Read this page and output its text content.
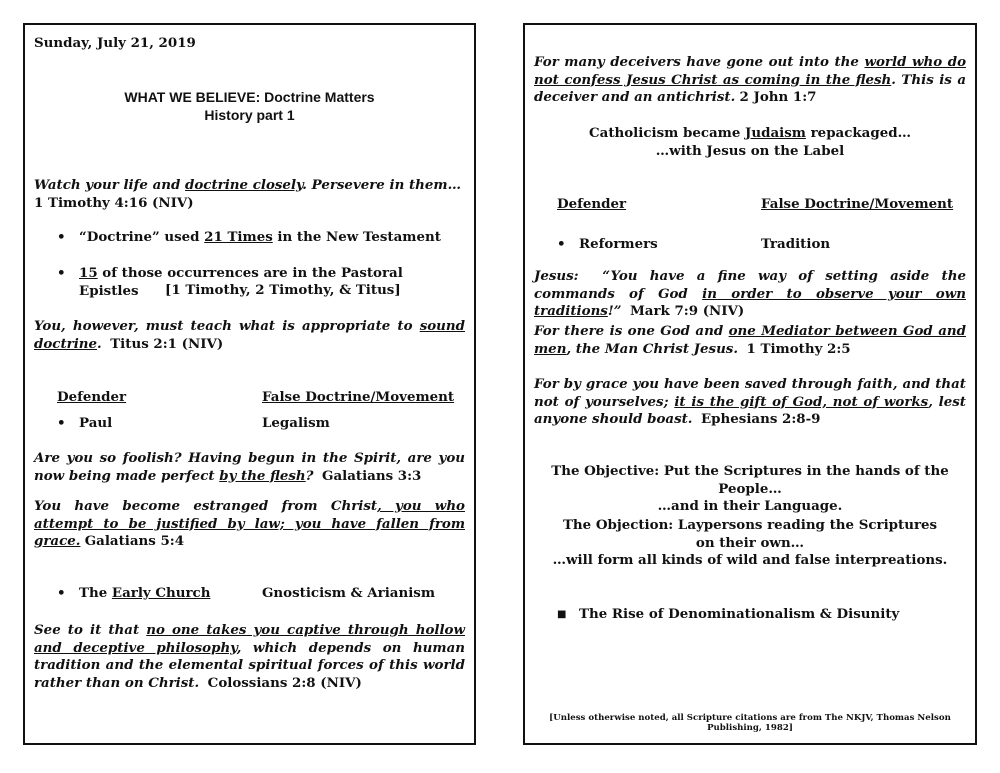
Sunday, July 21, 2019

WHAT WE BELIEVE: Doctrine Matters
History part 1

Watch your life and doctrine closely. Persevere in them…
1 Timothy 4:16 (NIV)

• “Doctrine” used 21 Times in the New Testament

• 15 of those occurrences are in the Pastoral Epistles	[1 Timothy, 2 Timothy, & Titus]

You, however, must teach what is appropriate to sound doctrine. Titus 2:1 (NIV)

Defender	False Doctrine/Movement
• Paul	Legalism

Are you so foolish? Having begun in the Spirit, are you now being made perfect by the flesh? Galatians 3:3

You have become estranged from Christ, you who attempt to be justified by law; you have fallen from grace. Galatians 5:4

• The Early Church	Gnosticism & Arianism

See to it that no one takes you captive through hollow and deceptive philosophy, which depends on human tradition and the elemental spiritual forces of this world rather than on Christ. Colossians 2:8 (NIV)

For many deceivers have gone out into the world who do not confess Jesus Christ as coming in the flesh. This is a deceiver and an antichrist. 2 John 1:7

Catholicism became Judaism repackaged…
…with Jesus on the Label
Defender	False Doctrine/Movement
• Reformers	Tradition

Jesus: “You have a fine way of setting aside the commands of God in order to observe your own traditions!” Mark 7:9 (NIV)

For there is one God and one Mediator between God and men, the Man Christ Jesus. 1 Timothy 2:5

For by grace you have been saved through faith, and that not of yourselves; it is the gift of God, not of works, lest anyone should boast. Ephesians 2:8-9

The Objective: Put the Scriptures in the hands of the People…
…and in their Language.
The Objection: Laypersons reading the Scriptures
on their own…
…will form all kinds of wild and false interpreations.
■ The Rise of Denominationalism & Disunity
[Unless otherwise noted, all Scripture citations are from The NKJV, Thomas Nelson Publishing, 1982]
